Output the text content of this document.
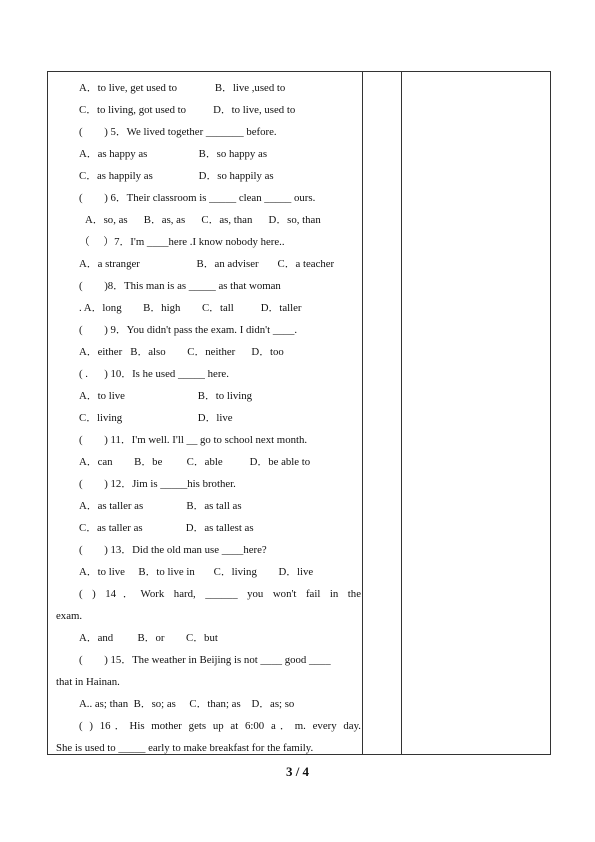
A．to live, get used to              B．live ,used to
C．to living, got used to          D．to live, used to
(        ) 5．We lived together _______ before.
A．as happy as                   B．so happy as
C．as happily as                 D．so happily as
(        ) 6．Their classroom is _____ clean _____ ours.
A．so, as      B．as, as      C．as, than      D．so, than
（     ）7．I'm ____here .I know nobody here..
A．a stranger                     B．an adviser       C．a teacher
(        )8．This man is as _____ as that woman
. A．long        B．high        C．tall          D．taller
(        ) 9．You didn't pass the exam. I didn't ____.
A．either   B．also        C．neither      D．too
( .      ) 10．Is he used _____ here.
A．to live                           B．to living
C．living                            D．live
(        ) 11．I'm well. I'll __ go to school next month.
A．can        B．be         C．able          D．be able to
(        ) 12．Jim is _____his brother.
A．as taller as                B．as tall as
C．as taller as                D．as tallest as
(        ) 13．Did the old man use ____here?
A．to live     B．to live in       C．living        D．live
( ) 14．Work hard, ______ you won't fail in the
exam.
A．and         B．or        C．but
(        ) 15．The weather in Beijing is not ____ good ____
that in Hainan.
A.. as; than  B．so; as     C．than; as    D．as; so
( ) 16．His mother gets up at 6:00 a．m. every day.
She is used to _____ early to make breakfast for the family.
3 / 4
